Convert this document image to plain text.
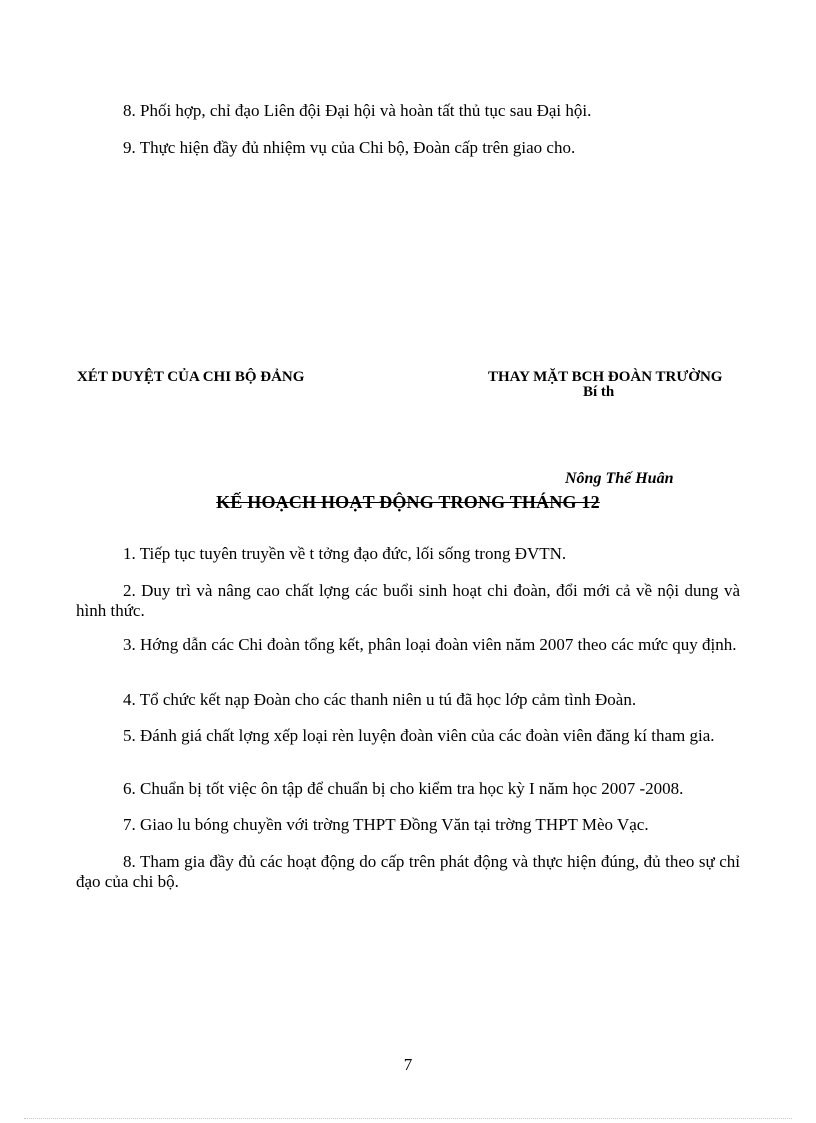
8. Phối hợp, chỉ đạo Liên đội Đại hội và hoàn tất thủ tục sau Đại hội.
9. Thực hiện đầy đủ nhiệm vụ của Chi bộ, Đoàn cấp trên giao cho.
XÉT DUYỆT CỦA CHI BỘ ĐẢNG	THAY MẶT BCH ĐOÀN TRƯỜNG
Bí th
Nông Thế Huân
KẾ HOẠCH HOẠT ĐỘNG TRONG THÁNG 12
1. Tiếp tục tuyên truyền về t tởng đạo đức, lối sống trong ĐVTN.
2. Duy trì và nâng cao chất lợng các buổi sinh hoạt chi đoàn, đổi mới cả về nội dung và hình thức.
3. Hớng dẫn các Chi đoàn tổng kết, phân loại đoàn viên năm 2007 theo các mức quy định.
4. Tổ chức kết nạp Đoàn cho các thanh niên u tú đã học lớp cảm tình Đoàn.
5. Đánh giá chất lợng xếp loại rèn luyện đoàn viên của các đoàn viên đăng kí tham gia.
6. Chuẩn bị tốt việc ôn tập để chuẩn bị cho kiểm tra học kỳ I năm học 2007 -2008.
7. Giao lu bóng chuyền với trờng THPT Đồng Văn tại trờng THPT Mèo Vạc.
8. Tham gia đầy đủ các hoạt động do cấp trên phát động và thực hiện đúng, đủ theo sự chỉ đạo của chi bộ.
7
